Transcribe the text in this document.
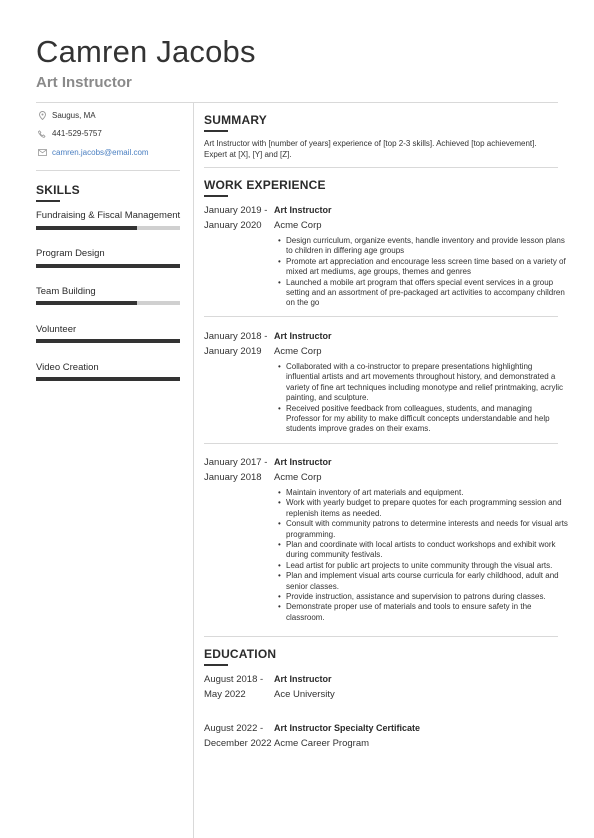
Camren Jacobs
Art Instructor
Saugus, MA
441-529-5757
camren.jacobs@email.com
SKILLS
Fundraising & Fiscal Management
Program Design
Team Building
Volunteer
Video Creation
SUMMARY
Art Instructor with [number of years] experience of [top 2-3 skills]. Achieved [top achievement]. Expert at [X], [Y] and [Z].
WORK EXPERIENCE
January 2019 -
January 2020
Art Instructor
Acme Corp
• Design curriculum, organize events, handle inventory and provide lesson plans to children in differing age groups
• Promote art appreciation and encourage less screen time based on a variety of mixed art mediums, age groups, themes and genres
• Launched a mobile art program that offers special event services in a group setting and an assortment of pre-packaged art activities to accompany children on the go
January 2018 -
January 2019
Art Instructor
Acme Corp
• Collaborated with a co-instructor to prepare presentations highlighting influential artists and art movements throughout history, and demonstrated a variety of fine art techniques including monotype and relief printmaking, acrylic painting, and sculpture.
• Received positive feedback from colleagues, students, and managing Professor for my ability to make difficult concepts understandable and help students improve grades on their exams.
January 2017 -
January 2018
Art Instructor
Acme Corp
• Maintain inventory of art materials and equipment.
• Work with yearly budget to prepare quotes for each programming session and replenish items as needed.
• Consult with community patrons to determine interests and needs for visual arts programming.
• Plan and coordinate with local artists to conduct workshops and exhibit work during community festivals.
• Lead artist for public art projects to unite community through the visual arts.
• Plan and implement visual arts course curricula for early childhood, adult and senior classes.
• Provide instruction, assistance and supervision to patrons during classes.
• Demonstrate proper use of materials and tools to ensure safety in the classroom.
EDUCATION
August 2018 -
May 2022
Art Instructor
Ace University
August 2022 -
December 2022
Art Instructor Specialty Certificate
Acme Career Program
